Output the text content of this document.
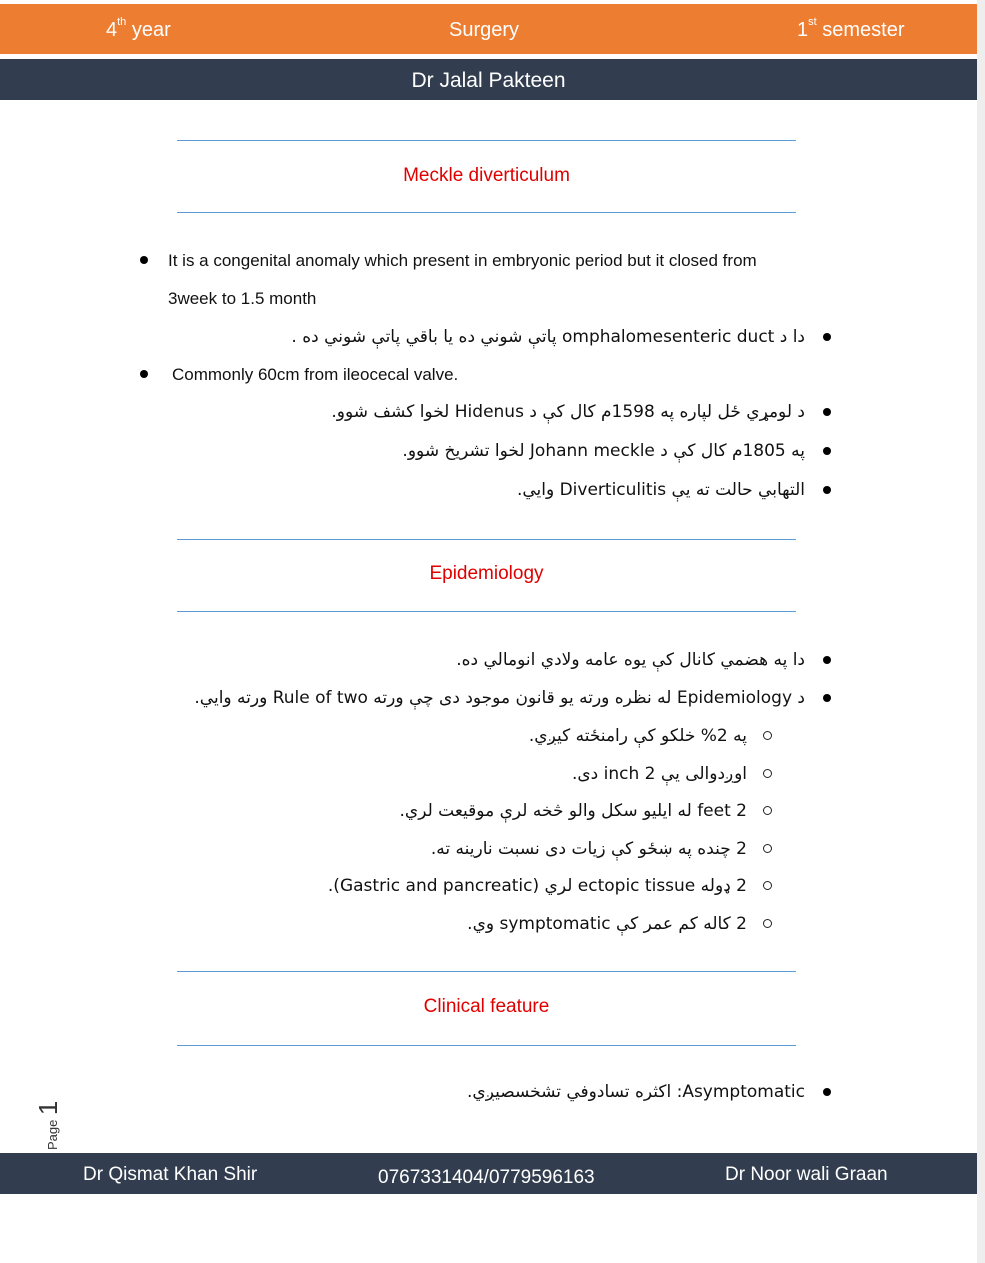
4th year	Surgery	1st semester
Dr Jalal Pakteen
Meckle diverticulum
It is a congenital anomaly which present in embryonic period but it closed from
3week to 1.5 month
دا د omphalomesenteric duct پاتې شوني ده يا باقي پاتې شوني ده .
Commonly 60cm from ileocecal valve.
د لومړي ځل لپاره په 1598م کال کې د Hidenus لخوا کشف شوو.
په 1805م کال کې د Johann meckle لخوا تشریخ شوو.
التهابي حالت ته يې Diverticulitis وايي.
Epidemiology
دا په هضمي کانال کې یوه عامه ولادي انومالي ده.
د Epidemiology له نظره ورته يو قانون موجود دی چې ورته Rule of two ورته وايي.
په 2% خلکو کې رامنځته کیږي.
اوږدوالی يې 2 inch دی.
2 feet له ايليو سکل والو څخه لرې موقیعت لري.
2 چنده په ښځو کې زيات دی نسبت نارینه ته.
2 ډوله ectopic tissue لري (Gastric and pancreatic).
2 کاله کم عمر کې symptomatic وي.
Clinical feature
Asymptomatic: اکثره تسادوفي تشخسصيږي.
Page 1
Dr Qismat Khan Shir	0767331404/0779596163	Dr Noor wali Graan
